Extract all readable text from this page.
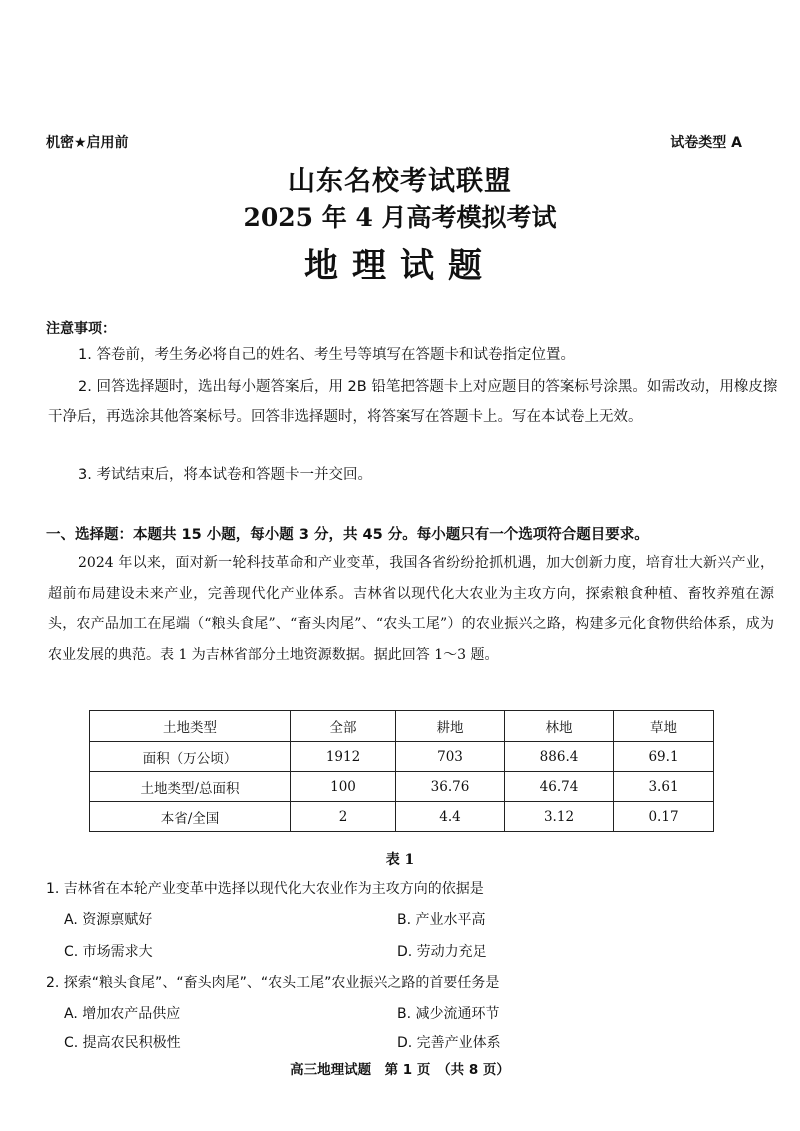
机密★启用前	试卷类型 A
山东名校考试联盟
2025 年 4 月高考模拟考试
地理试题
注意事项：
1. 答卷前，考生务必将自己的姓名、考生号等填写在答题卡和试卷指定位置。
2. 回答选择题时，选出每小题答案后，用 2B 铅笔把答题卡上对应题目的答案标号涂黑。如需改动，用橡皮擦干净后，再选涂其他答案标号。回答非选择题时，将答案写在答题卡上。写在本试卷上无效。
3. 考试结束后，将本试卷和答题卡一并交回。
一、选择题：本题共 15 小题，每小题 3 分，共 45 分。每小题只有一个选项符合题目要求。
2024 年以来，面对新一轮科技革命和产业变革，我国各省纷纷抢抓机遇，加大创新力度，培育壮大新兴产业，超前布局建设未来产业，完善现代化产业体系。吉林省以现代化大农业为主攻方向，探索粮食种植、畜牧养殖在源头，农产品加工在尾端（“粮头食尾”、“畜头肉尾”、“农头工尾”）的农业振兴之路，构建多元化食物供给体系，成为农业发展的典范。表 1 为吉林省部分土地资源数据。据此回答 1～3 题。
土地类型	全部	耕地	林地	草地
面积（万公顷）	1912	703	886.4	69.1
土地类型/总面积	100	36.76	46.74	3.61
本省/全国	2	4.4	3.12	0.17
表 1
1. 吉林省在本轮产业变革中选择以现代化大农业作为主攻方向的依据是
A. 资源禀赋好	B. 产业水平高
C. 市场需求大	D. 劳动力充足
2. 探索“粮头食尾”、“畜头肉尾”、“农头工尾”农业振兴之路的首要任务是
A. 增加农产品供应	B. 减少流通环节
C. 提高农民积极性	D. 完善产业体系
高三地理试题　第 1 页　（共 8 页）
